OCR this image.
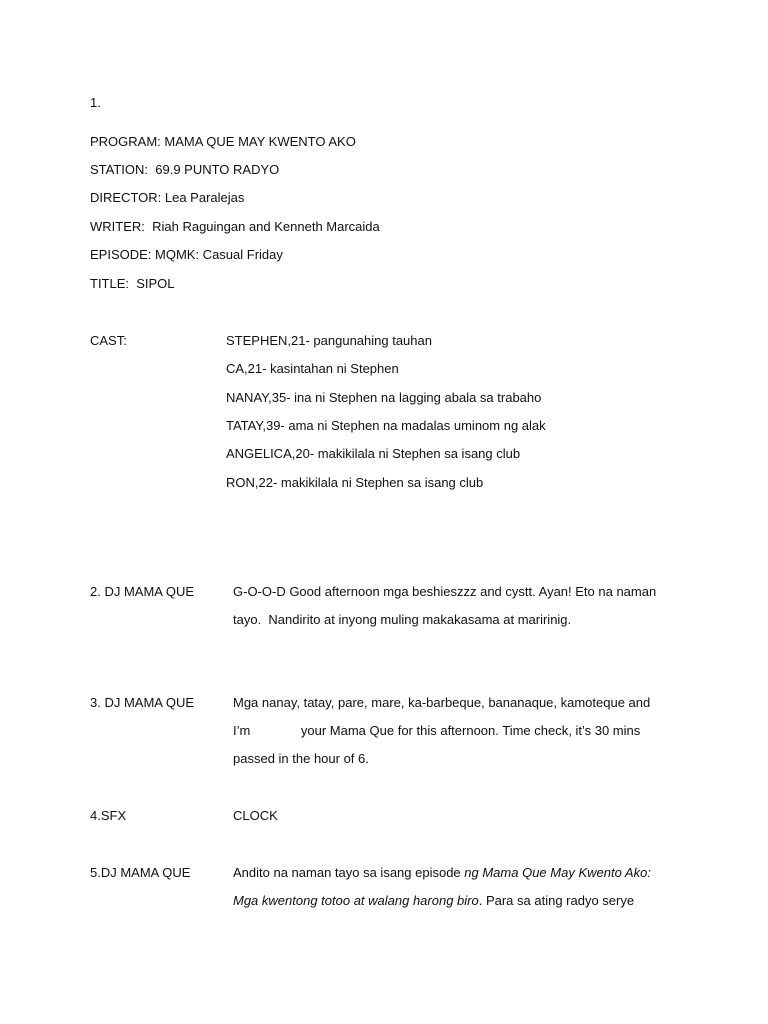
1.
PROGRAM: MAMA QUE MAY KWENTO AKO
STATION:  69.9 PUNTO RADYO
DIRECTOR: Lea Paralejas
WRITER:  Riah Raguingan and Kenneth Marcaida
EPISODE: MQMK: Casual Friday
TITLE:  SIPOL
CAST:	STEPHEN,21- pangunahing tauhan
CA,21- kasintahan ni Stephen
NANAY,35- ina ni Stephen na lagging abala sa trabaho
TATAY,39- ama ni Stephen na madalas uminom ng alak
ANGELICA,20- makikilala ni Stephen sa isang club
RON,22- makikilala ni Stephen sa isang club
2. DJ MAMA QUE	G-O-O-D Good afternoon mga beshieszzz and cystt. Ayan! Eto na naman
tayo.  Nandirito at inyong muling makakasama at maririnig.
3. DJ MAMA QUE	Mga nanay, tatay, pare, mare, ka-barbeque, bananaque, kamoteque and
I’m              your Mama Que for this afternoon. Time check, it’s 30 mins
passed in the hour of 6.
4.SFX	CLOCK
5.DJ MAMA QUE	Andito na naman tayo sa isang episode ng Mama Que May Kwento Ako:
Mga kwentong totoo at walang harong biro. Para sa ating radyo serye
